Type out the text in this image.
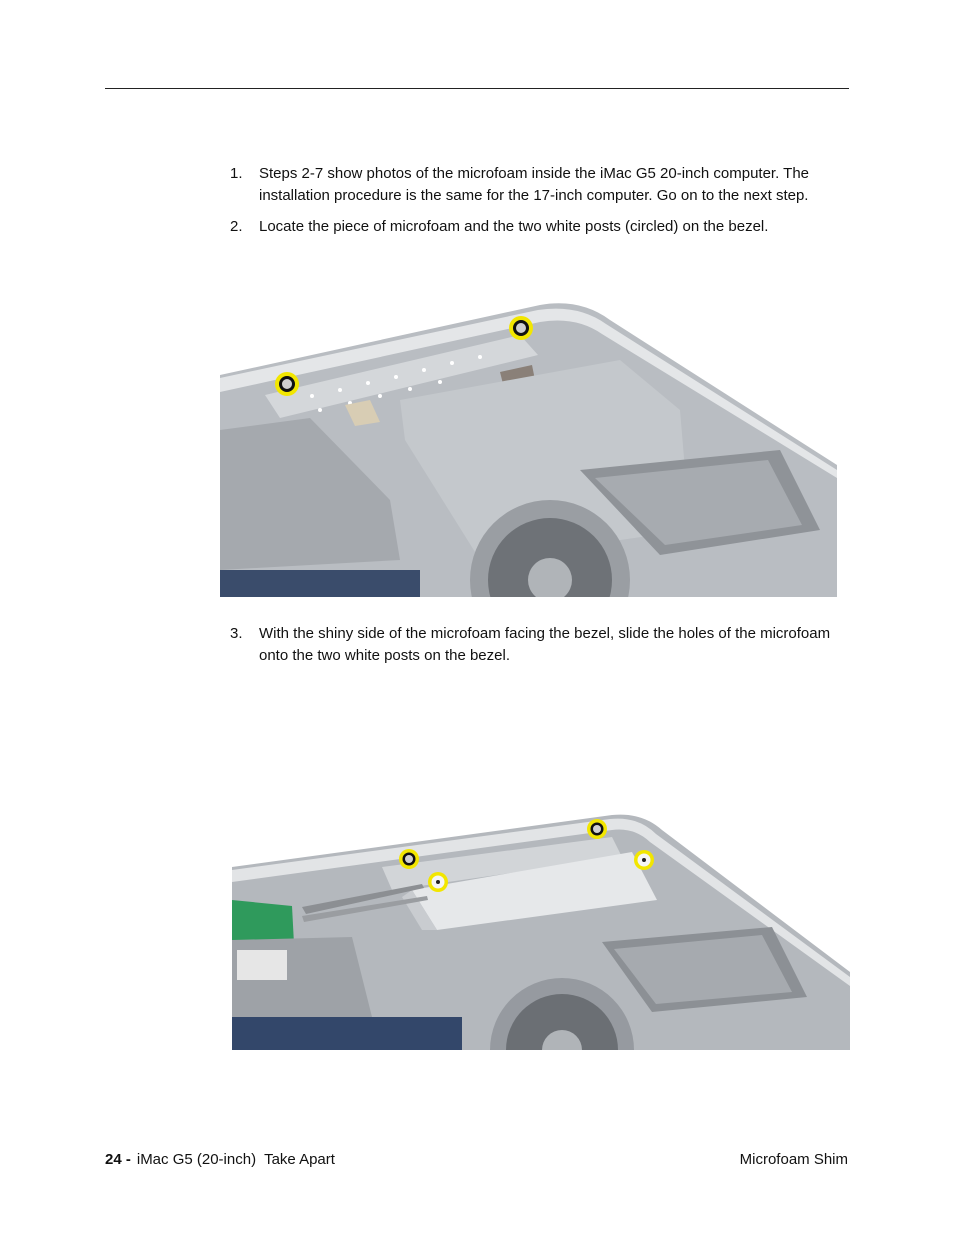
1. Steps 2-7 show photos of the microfoam inside the iMac G5 20-inch computer. The installation procedure is the same for the 17-inch computer. Go on to the next step.
2. Locate the piece of microfoam and the two white posts (circled) on the bezel.
3. With the shiny side of the microfoam facing the bezel, slide the holes of the microfoam onto the two white posts on the bezel.
24 - iMac G5 (20-inch) Take Apart	Microfoam Shim
